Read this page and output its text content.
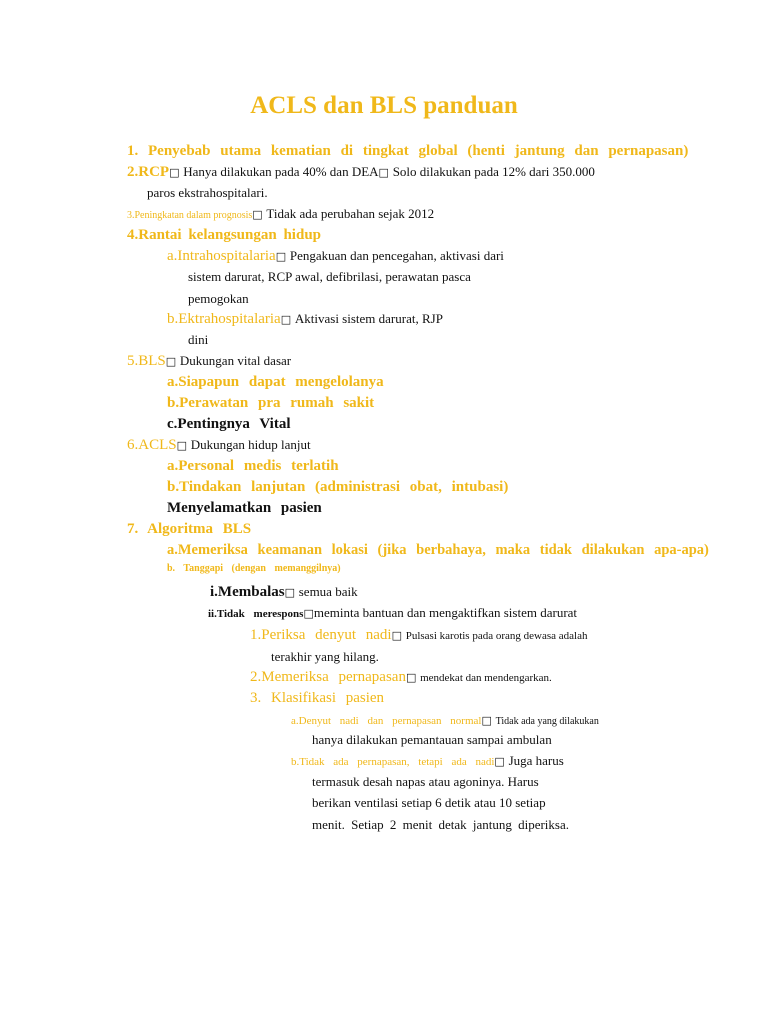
ACLS dan BLS panduan

1. Penyebab utama kematian di tingkat global (henti jantung dan pernapasan)

2.RCP□ Hanya dilakukan pada 40% dan DEA□ Solo dilakukan pada 12% dari 350.000

paros ekstrahospitalari.

3.Peningkatan dalam prognosis□ Tidak ada perubahan sejak 2012

4.Rantai kelangsungan hidup

a.Intrahospitalaria□ Pengakuan dan pencegahan, aktivasi dari

sistem darurat, RCP awal, defibrilasi, perawatan pasca

pemogokan

b.Ektrahospitalaria□ Aktivasi sistem darurat, RJP

dini

5.BLS□ Dukungan vital dasar

a.Siapapun dapat mengelolanya

b.Perawatan pra rumah sakit

c.Pentingnya Vital

6.ACLS□ Dukungan hidup lanjut

a.Personal medis terlatih

b.Tindakan lanjutan (administrasi obat, intubasi)

Menyelamatkan pasien

7. Algoritma BLS

a.Memeriksa keamanan lokasi (jika berbahaya, maka tidak dilakukan apa-apa)

b. Tanggapi (dengan memanggilnya)

i.Membalas□ semua baik

ii.Tidak merespons□meminta bantuan dan mengaktifkan sistem darurat

1.Periksa denyut nadi□ Pulsasi karotis pada orang dewasa adalah

terakhir yang hilang.

2.Memeriksa pernapasan□ mendekat dan mendengarkan.

3. Klasifikasi pasien

a.Denyut nadi dan pernapasan normal□ Tidak ada yang dilakukan

hanya dilakukan pemantauan sampai ambulan

b.Tidak ada pernapasan, tetapi ada nadi□ Juga harus

termasuk desah napas atau agoninya. Harus

berikan ventilasi setiap 6 detik atau 10 setiap

menit. Setiap 2 menit detak jantung diperiksa.
